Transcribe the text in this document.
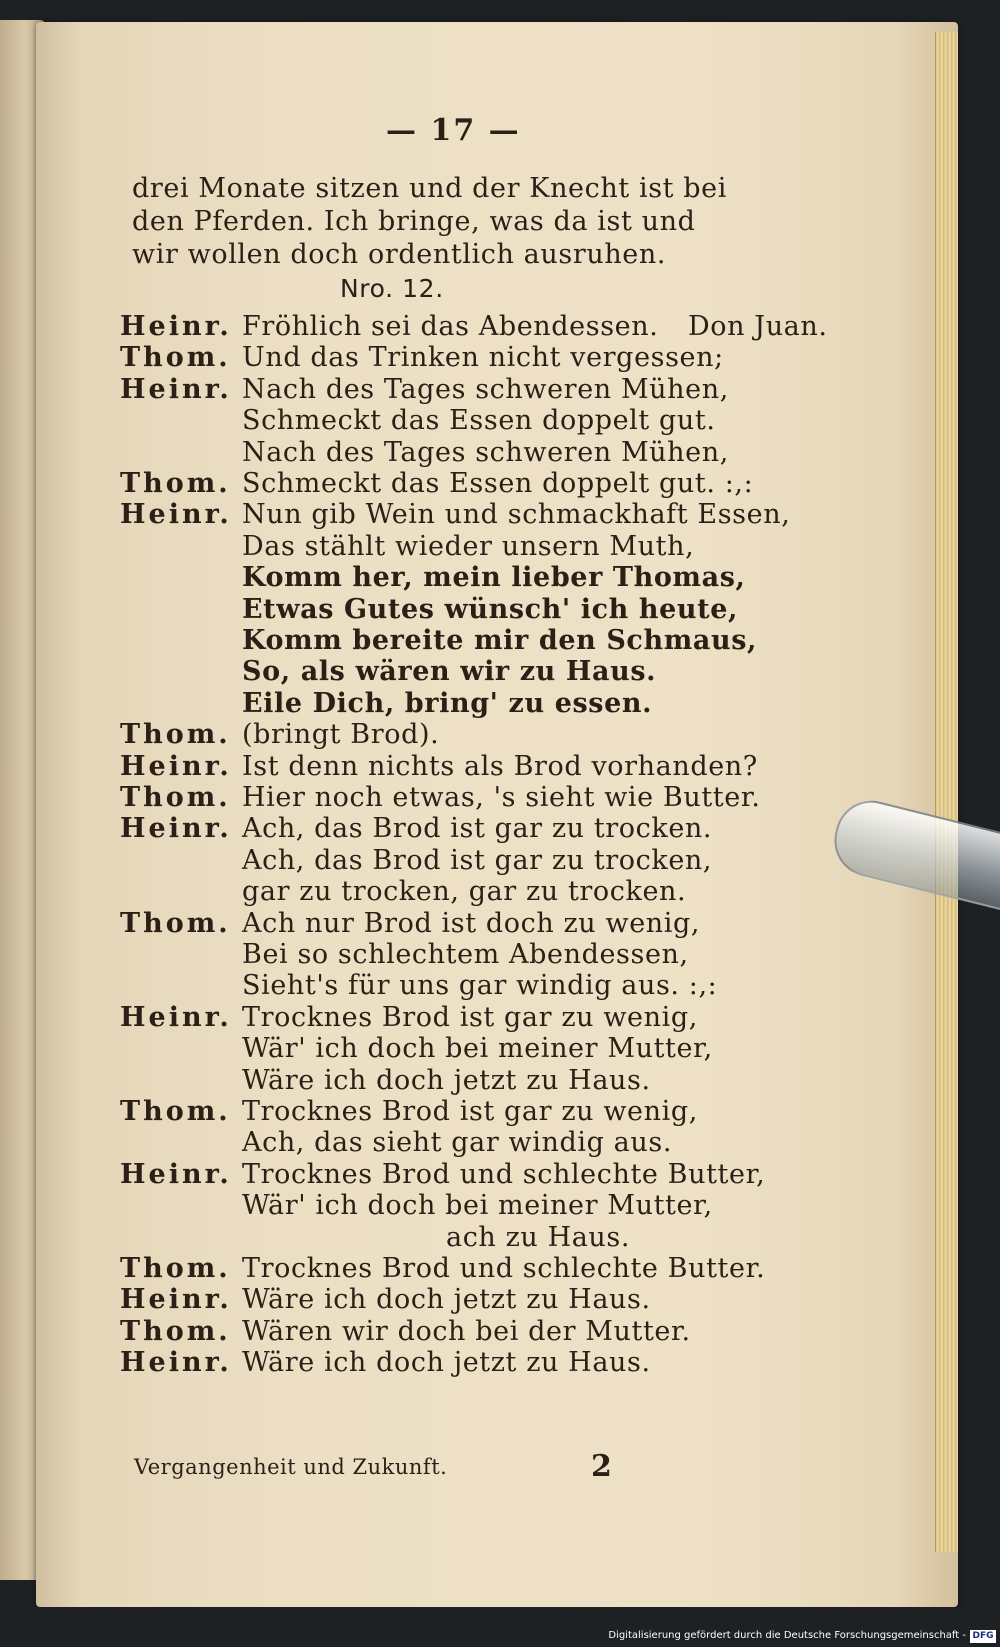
— 17 —
drei Monate sitzen und der Knecht ist bei
den Pferden. Ich bringe, was da ist und
wir wollen doch ordentlich ausruhen.
Nro. 12.
Don Juan.
Heinr. Fröhlich sei das Abendessen.
Thom. Und das Trinken nicht vergessen;
Heinr. Nach des Tages schweren Mühen,
Schmeckt das Essen doppelt gut.
Nach des Tages schweren Mühen,
Thom. Schmeckt das Essen doppelt gut. :,:
Heinr. Nun gib Wein und schmackhaft Essen,
Das stählt wieder unsern Muth,
Komm her, mein lieber Thomas,
Etwas Gutes wünsch' ich heute,
Komm bereite mir den Schmaus,
So, als wären wir zu Haus.
Eile Dich, bring' zu essen.
Thom. (bringt Brod).
Heinr. Ist denn nichts als Brod vorhanden?
Thom. Hier noch etwas, 's sieht wie Butter.
Heinr. Ach, das Brod ist gar zu trocken.
Ach, das Brod ist gar zu trocken,
gar zu trocken, gar zu trocken.
Thom. Ach nur Brod ist doch zu wenig,
Bei so schlechtem Abendessen,
Sieht's für uns gar windig aus. :,:
Heinr. Trocknes Brod ist gar zu wenig,
Wär' ich doch bei meiner Mutter,
Wäre ich doch jetzt zu Haus.
Thom. Trocknes Brod ist gar zu wenig,
Ach, das sieht gar windig aus.
Heinr. Trocknes Brod und schlechte Butter,
Wär' ich doch bei meiner Mutter,
ach zu Haus.
Thom. Trocknes Brod und schlechte Butter.
Heinr. Wäre ich doch jetzt zu Haus.
Thom. Wären wir doch bei der Mutter.
Heinr. Wäre ich doch jetzt zu Haus.
Vergangenheit und Zukunft.	2
Digitalisierung gefördert durch die Deutsche Forschungsgemeinschaft - DFG
